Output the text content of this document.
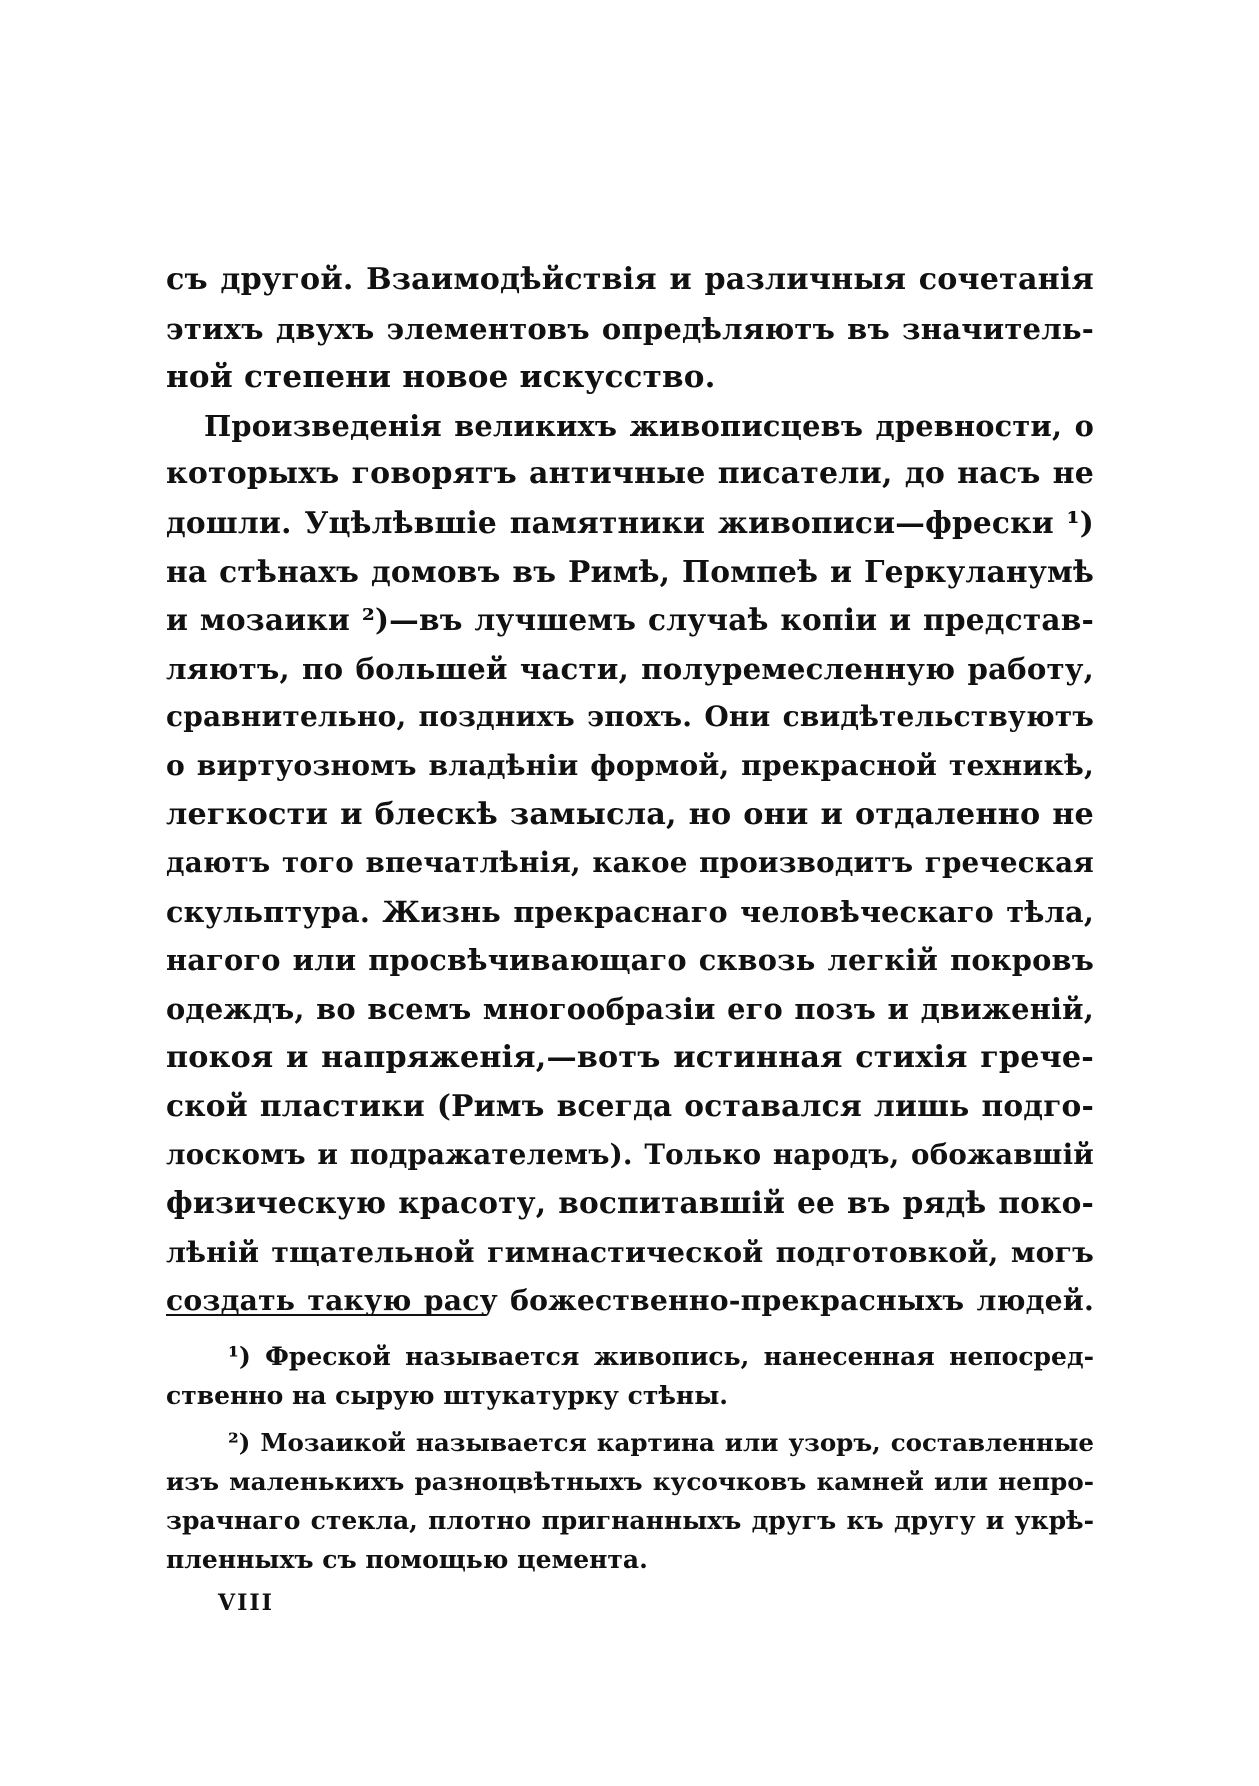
съ другой. Взаимодѣйствія и различныя сочетанія
этихъ двухъ элементовъ опредѣляютъ въ значитель-
ной степени новое искусство.
Произведенія великихъ живописцевъ древности, о
которыхъ говорятъ античные писатели, до насъ не
дошли. Уцѣлѣвшіе памятники живописи—фрески ¹)
на стѣнахъ домовъ въ Римѣ, Помпеѣ и Геркуланумѣ
и мозаики ²)—въ лучшемъ случаѣ копіи и представ-
ляютъ, по большей части, полуремесленную работу,
сравнительно, позднихъ эпохъ. Они свидѣтельствуютъ
о виртуозномъ владѣніи формой, прекрасной техникѣ,
легкости и блескѣ замысла, но они и отдаленно не
даютъ того впечатлѣнія, какое производитъ греческая
скульптура. Жизнь прекраснаго человѣческаго тѣла,
нагого или просвѣчивающаго сквозь легкій покровъ
одеждъ, во всемъ многообразіи его позъ и движеній,
покоя и напряженія,—вотъ истинная стихія грече-
ской пластики (Римъ всегда оставался лишь подго-
лоскомъ и подражателемъ). Только народъ, обожавшій
физическую красоту, воспитавшій ее въ рядѣ поко-
лѣній тщательной гимнастической подготовкой, могъ
создать такую расу божественно-прекрасныхъ людей.
¹) Фреской называется живопись, нанесенная непосред-
ственно на сырую штукатурку стѣны.
²) Мозаикой называется картина или узоръ, составленные
изъ маленькихъ разноцвѣтныхъ кусочковъ камней или непро-
зрачнаго стекла, плотно пригнанныхъ другъ къ другу и укрѣ-
пленныхъ съ помощью цемента.
VIII
